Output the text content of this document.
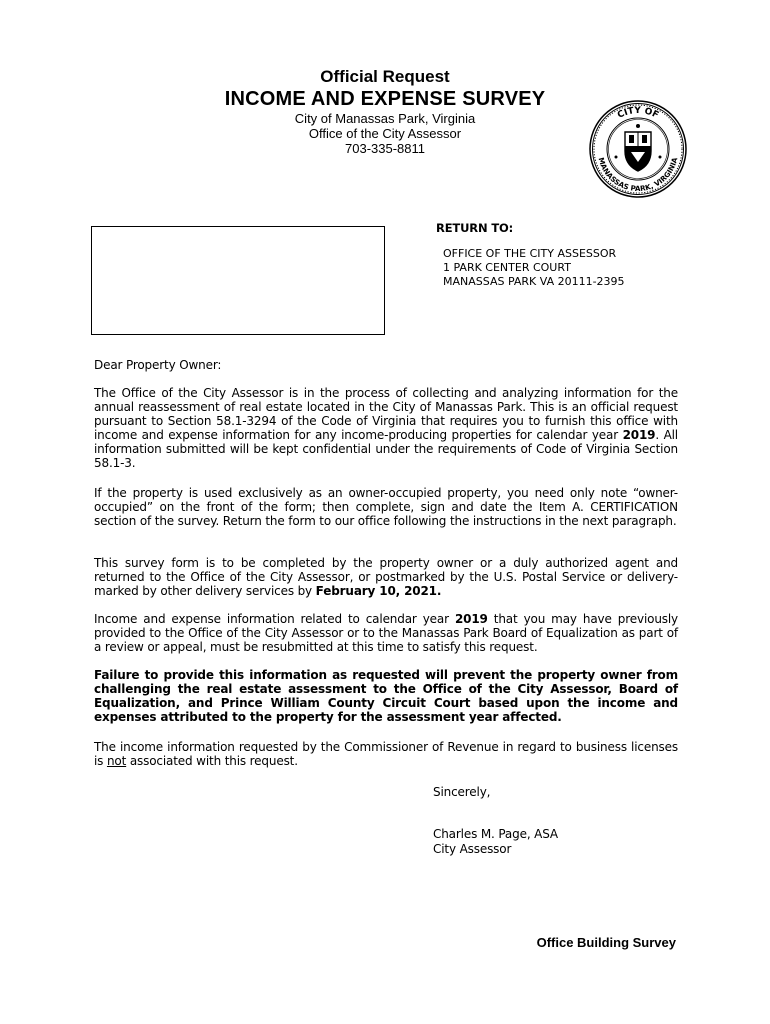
Official Request
INCOME AND EXPENSE SURVEY
City of Manassas Park, Virginia
Office of the City Assessor
703-335-8811
CITY OF
MANASSAS PARK, VIRGINIA
RETURN TO:
OFFICE OF THE CITY ASSESSOR
1 PARK CENTER COURT
MANASSAS PARK VA 20111-2395
Dear Property Owner:

The Office of the City Assessor is in the process of collecting and analyzing information for the annual reassessment of real estate located in the City of Manassas Park. This is an official request pursuant to Section 58.1-3294 of the Code of Virginia that requires you to furnish this office with income and expense information for any income-producing properties for calendar year 2019. All information submitted will be kept confidential under the requirements of Code of Virginia Section 58.1-3.

If the property is used exclusively as an owner-occupied property, you need only note “owner-occupied” on the front of the form; then complete, sign and date the Item A. CERTIFICATION section of the survey. Return the form to our office following the instructions in the next paragraph.

This survey form is to be completed by the property owner or a duly authorized agent and returned to the Office of the City Assessor, or postmarked by the U.S. Postal Service or delivery-marked by other delivery services by February 10, 2021.

Income and expense information related to calendar year 2019 that you may have previously provided to the Office of the City Assessor or to the Manassas Park Board of Equalization as part of a review or appeal, must be resubmitted at this time to satisfy this request.

Failure to provide this information as requested will prevent the property owner from challenging the real estate assessment to the Office of the City Assessor, Board of Equalization, and Prince William County Circuit Court based upon the income and expenses attributed to the property for the assessment year affected.

The income information requested by the Commissioner of Revenue in regard to business licenses is not associated with this request.

Sincerely,
Charles M. Page, ASA
City Assessor
Office Building Survey
